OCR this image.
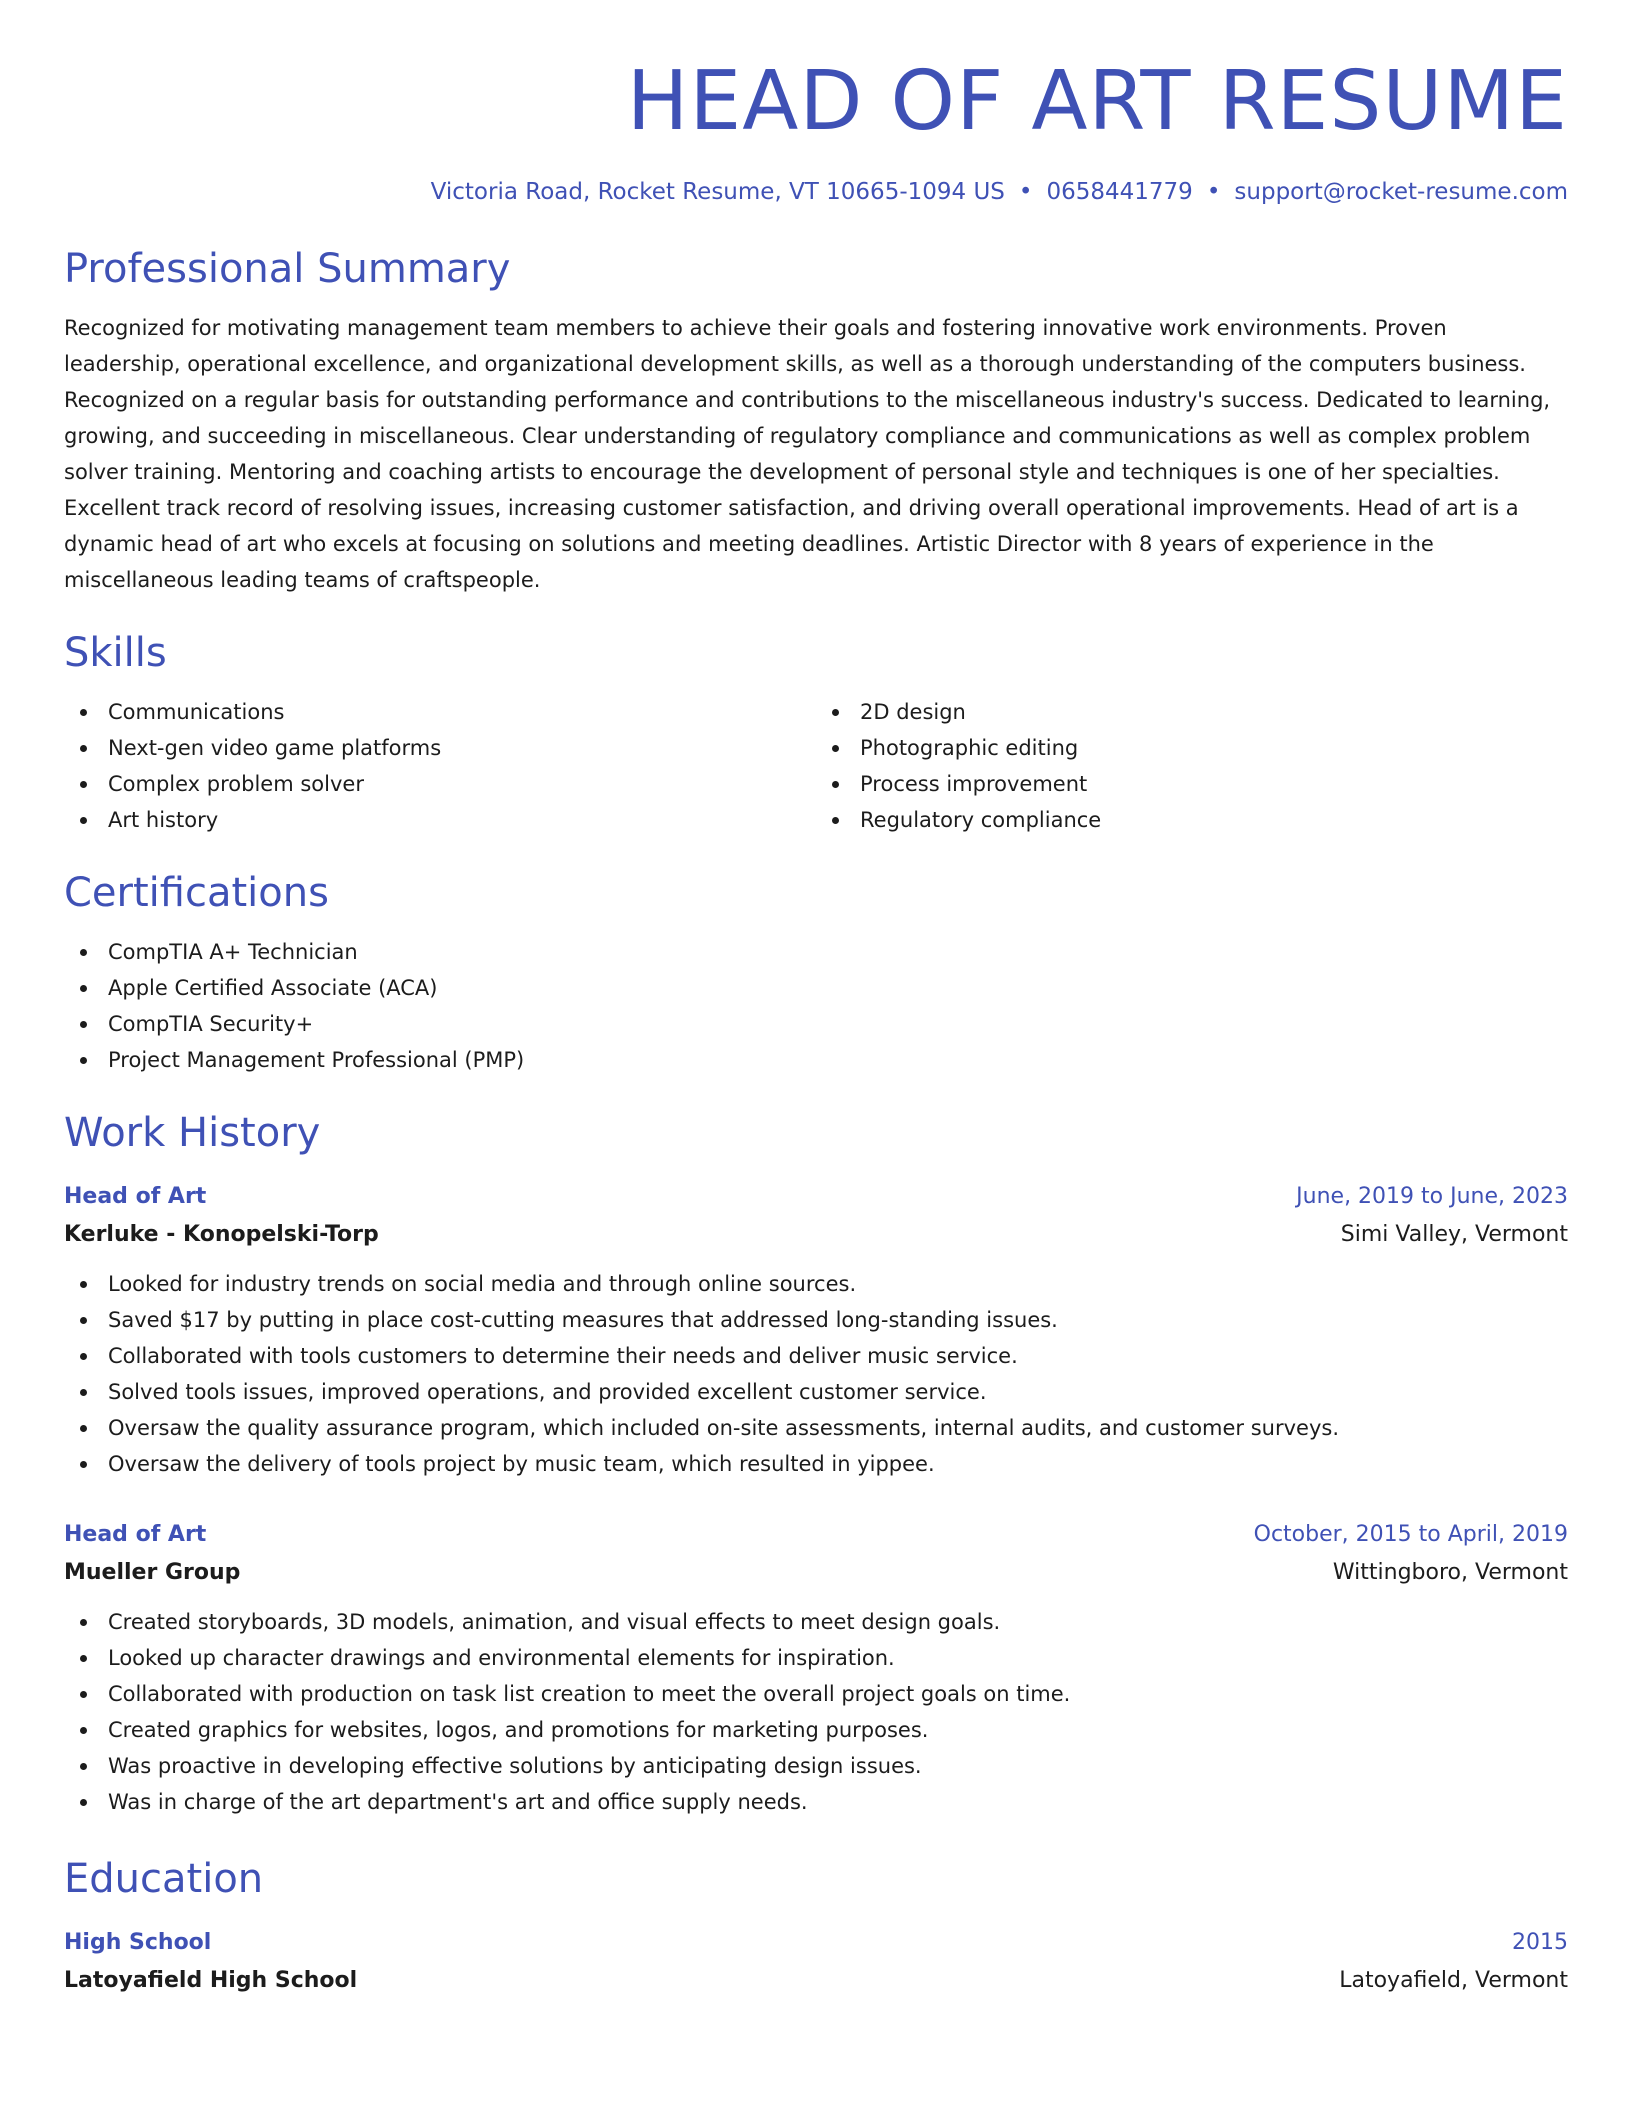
HEAD OF ART RESUME
Victoria Road, Rocket Resume, VT 10665-1094 US • 0658441779 • support@rocket-resume.com
Professional Summary

Recognized for motivating management team members to achieve their goals and fostering innovative work environments. Proven leadership, operational excellence, and organizational development skills, as well as a thorough understanding of the computers business. Recognized on a regular basis for outstanding performance and contributions to the miscellaneous industry's success. Dedicated to learning, growing, and succeeding in miscellaneous. Clear understanding of regulatory compliance and communications as well as complex problem solver training. Mentoring and coaching artists to encourage the development of personal style and techniques is one of her specialties. Excellent track record of resolving issues, increasing customer satisfaction, and driving overall operational improvements. Head of art is a dynamic head of art who excels at focusing on solutions and meeting deadlines. Artistic Director with 8 years of experience in the miscellaneous leading teams of craftspeople.

Skills
Communications
Next-gen video game platforms
Complex problem solver
Art history
2D design
Photographic editing
Process improvement
Regulatory compliance
Certifications
CompTIA A+ Technician
Apple Certified Associate (ACA)
CompTIA Security+
Project Management Professional (PMP)
Work History
Head of Art	June, 2019 to June, 2023
Kerluke - Konopelski-Torp	Simi Valley, Vermont
Looked for industry trends on social media and through online sources.
Saved $17 by putting in place cost-cutting measures that addressed long-standing issues.
Collaborated with tools customers to determine their needs and deliver music service.
Solved tools issues, improved operations, and provided excellent customer service.
Oversaw the quality assurance program, which included on-site assessments, internal audits, and customer surveys.
Oversaw the delivery of tools project by music team, which resulted in yippee.
Head of Art	October, 2015 to April, 2019
Mueller Group	Wittingboro, Vermont
Created storyboards, 3D models, animation, and visual effects to meet design goals.
Looked up character drawings and environmental elements for inspiration.
Collaborated with production on task list creation to meet the overall project goals on time.
Created graphics for websites, logos, and promotions for marketing purposes.
Was proactive in developing effective solutions by anticipating design issues.
Was in charge of the art department's art and office supply needs.
Education
High School	2015
Latoyafield High School	Latoyafield, Vermont
